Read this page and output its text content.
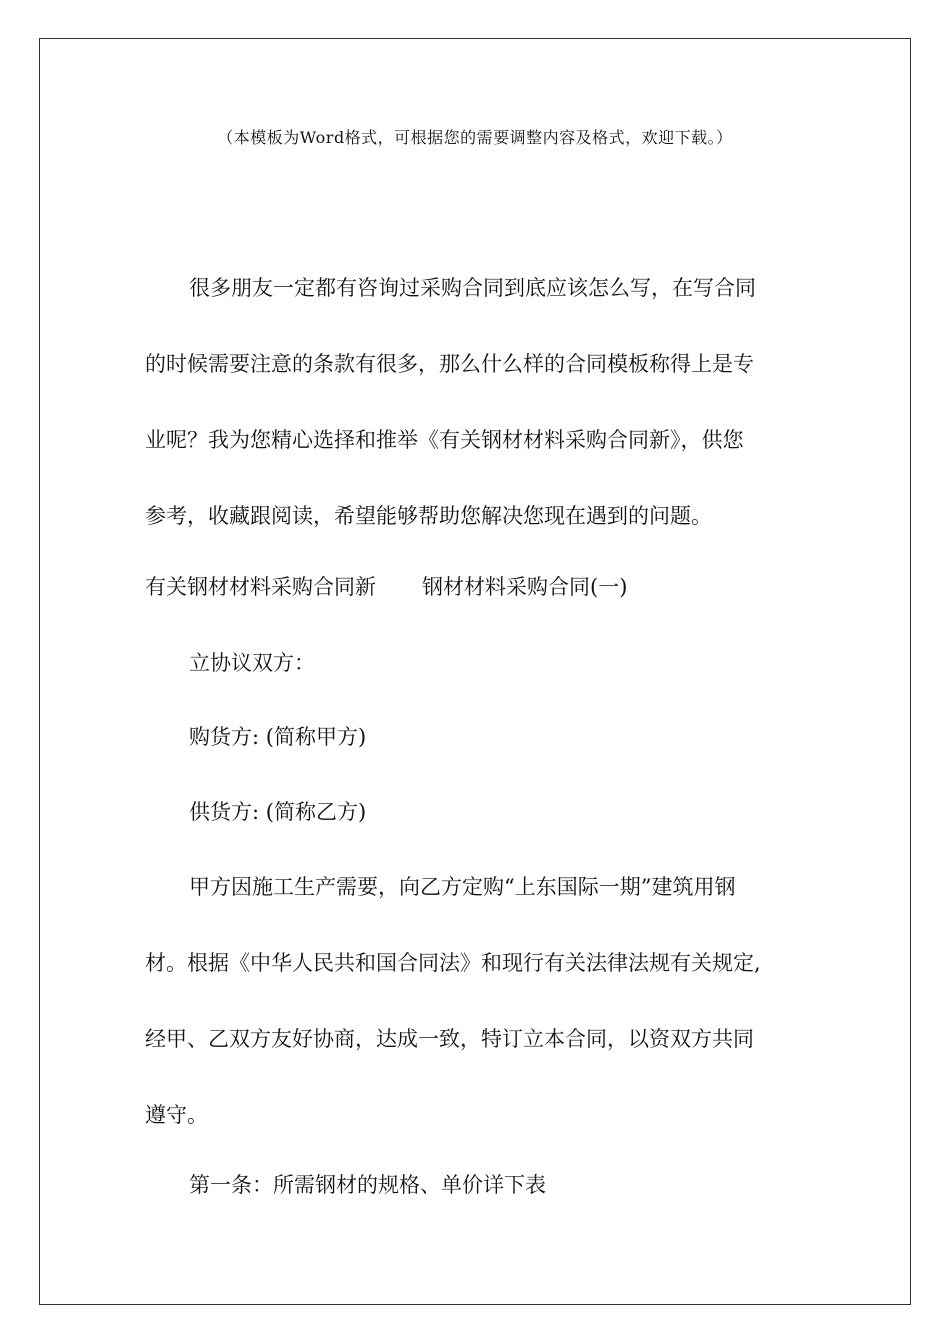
（本模板为Word格式，可根据您的需要调整内容及格式，欢迎下载。）
很多朋友一定都有咨询过采购合同到底应该怎么写，在写合同
的时候需要注意的条款有很多，那么什么样的合同模板称得上是专
业呢？我为您精心选择和推举《有关钢材材料采购合同新》，供您
参考，收藏跟阅读，希望能够帮助您解决您现在遇到的问题。
有关钢材材料采购合同新 钢材材料采购合同(一)
立协议双方：
购货方: (简称甲方)
供货方: (简称乙方)
甲方因施工生产需要，向乙方定购“上东国际一期”建筑用钢
材。根据《中华人民共和国合同法》和现行有关法律法规有关规定,
经甲、乙双方友好协商，达成一致，特订立本合同，以资双方共同
遵守。
第一条：所需钢材的规格、单价详下表
